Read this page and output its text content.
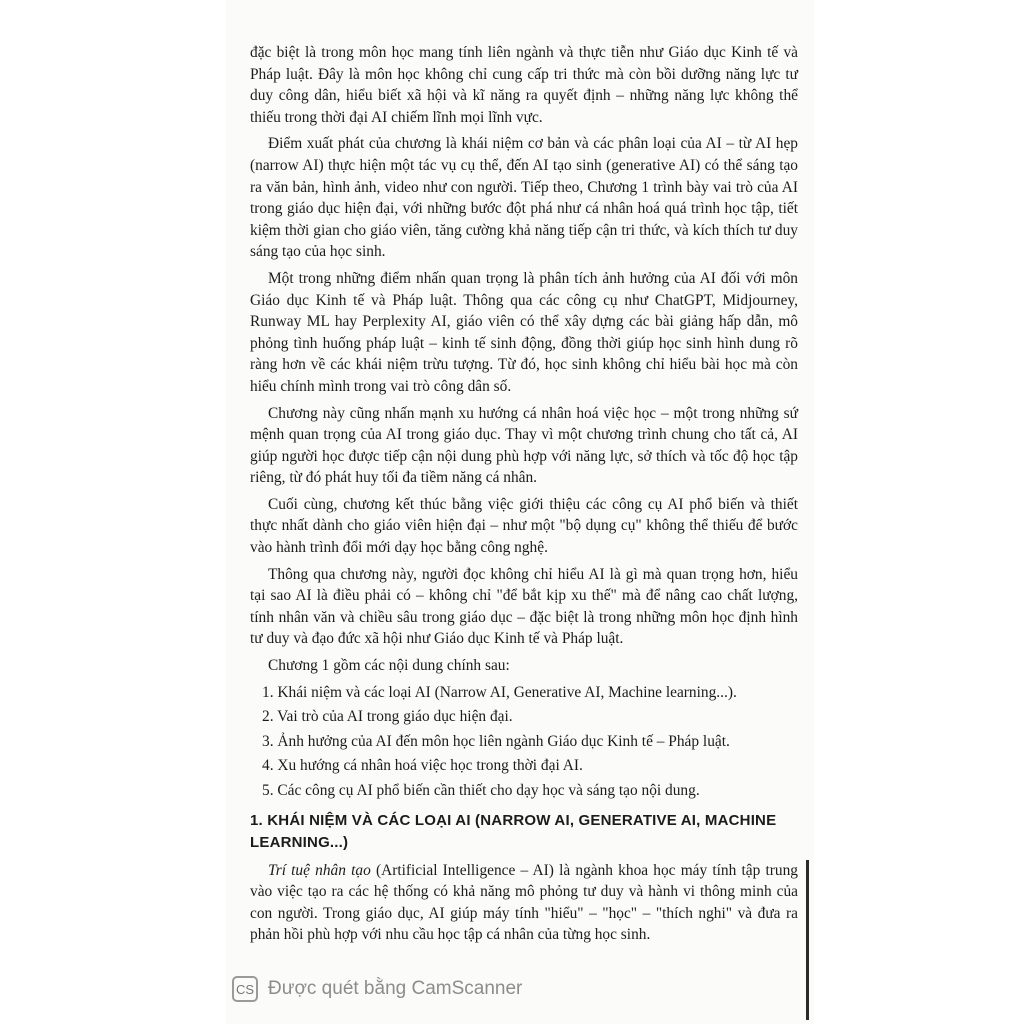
đặc biệt là trong môn học mang tính liên ngành và thực tiễn như Giáo dục Kinh tế và Pháp luật. Đây là môn học không chỉ cung cấp tri thức mà còn bồi dưỡng năng lực tư duy công dân, hiểu biết xã hội và kĩ năng ra quyết định – những năng lực không thể thiếu trong thời đại AI chiếm lĩnh mọi lĩnh vực.

Điểm xuất phát của chương là khái niệm cơ bản và các phân loại của AI – từ AI hẹp (narrow AI) thực hiện một tác vụ cụ thể, đến AI tạo sinh (generative AI) có thể sáng tạo ra văn bản, hình ảnh, video như con người. Tiếp theo, Chương 1 trình bày vai trò của AI trong giáo dục hiện đại, với những bước đột phá như cá nhân hoá quá trình học tập, tiết kiệm thời gian cho giáo viên, tăng cường khả năng tiếp cận tri thức, và kích thích tư duy sáng tạo của học sinh.

Một trong những điểm nhấn quan trọng là phân tích ảnh hưởng của AI đối với môn Giáo dục Kinh tế và Pháp luật. Thông qua các công cụ như ChatGPT, Midjourney, Runway ML hay Perplexity AI, giáo viên có thể xây dựng các bài giảng hấp dẫn, mô phỏng tình huống pháp luật – kinh tế sinh động, đồng thời giúp học sinh hình dung rõ ràng hơn về các khái niệm trừu tượng. Từ đó, học sinh không chỉ hiểu bài học mà còn hiểu chính mình trong vai trò công dân số.

Chương này cũng nhấn mạnh xu hướng cá nhân hoá việc học – một trong những sứ mệnh quan trọng của AI trong giáo dục. Thay vì một chương trình chung cho tất cả, AI giúp người học được tiếp cận nội dung phù hợp với năng lực, sở thích và tốc độ học tập riêng, từ đó phát huy tối đa tiềm năng cá nhân.

Cuối cùng, chương kết thúc bằng việc giới thiệu các công cụ AI phổ biến và thiết thực nhất dành cho giáo viên hiện đại – như một "bộ dụng cụ" không thể thiếu để bước vào hành trình đổi mới dạy học bằng công nghệ.

Thông qua chương này, người đọc không chỉ hiểu AI là gì mà quan trọng hơn, hiểu tại sao AI là điều phải có – không chỉ "để bắt kịp xu thế" mà để nâng cao chất lượng, tính nhân văn và chiều sâu trong giáo dục – đặc biệt là trong những môn học định hình tư duy và đạo đức xã hội như Giáo dục Kinh tế và Pháp luật.

Chương 1 gồm các nội dung chính sau:

1. Khái niệm và các loại AI (Narrow AI, Generative AI, Machine learning...).
2. Vai trò của AI trong giáo dục hiện đại.
3. Ảnh hưởng của AI đến môn học liên ngành Giáo dục Kinh tế – Pháp luật.
4. Xu hướng cá nhân hoá việc học trong thời đại AI.
5. Các công cụ AI phổ biến cần thiết cho dạy học và sáng tạo nội dung.
1. KHÁI NIỆM VÀ CÁC LOẠI AI (NARROW AI, GENERATIVE AI, MACHINE LEARNING...)

Trí tuệ nhân tạo (Artificial Intelligence – AI) là ngành khoa học máy tính tập trung vào việc tạo ra các hệ thống có khả năng mô phỏng tư duy và hành vi thông minh của con người. Trong giáo dục, AI giúp máy tính "hiểu" – "học" – "thích nghi" và đưa ra phản hồi phù hợp với nhu cầu học tập cá nhân của từng học sinh.

CS Được quét bằng CamScanner
